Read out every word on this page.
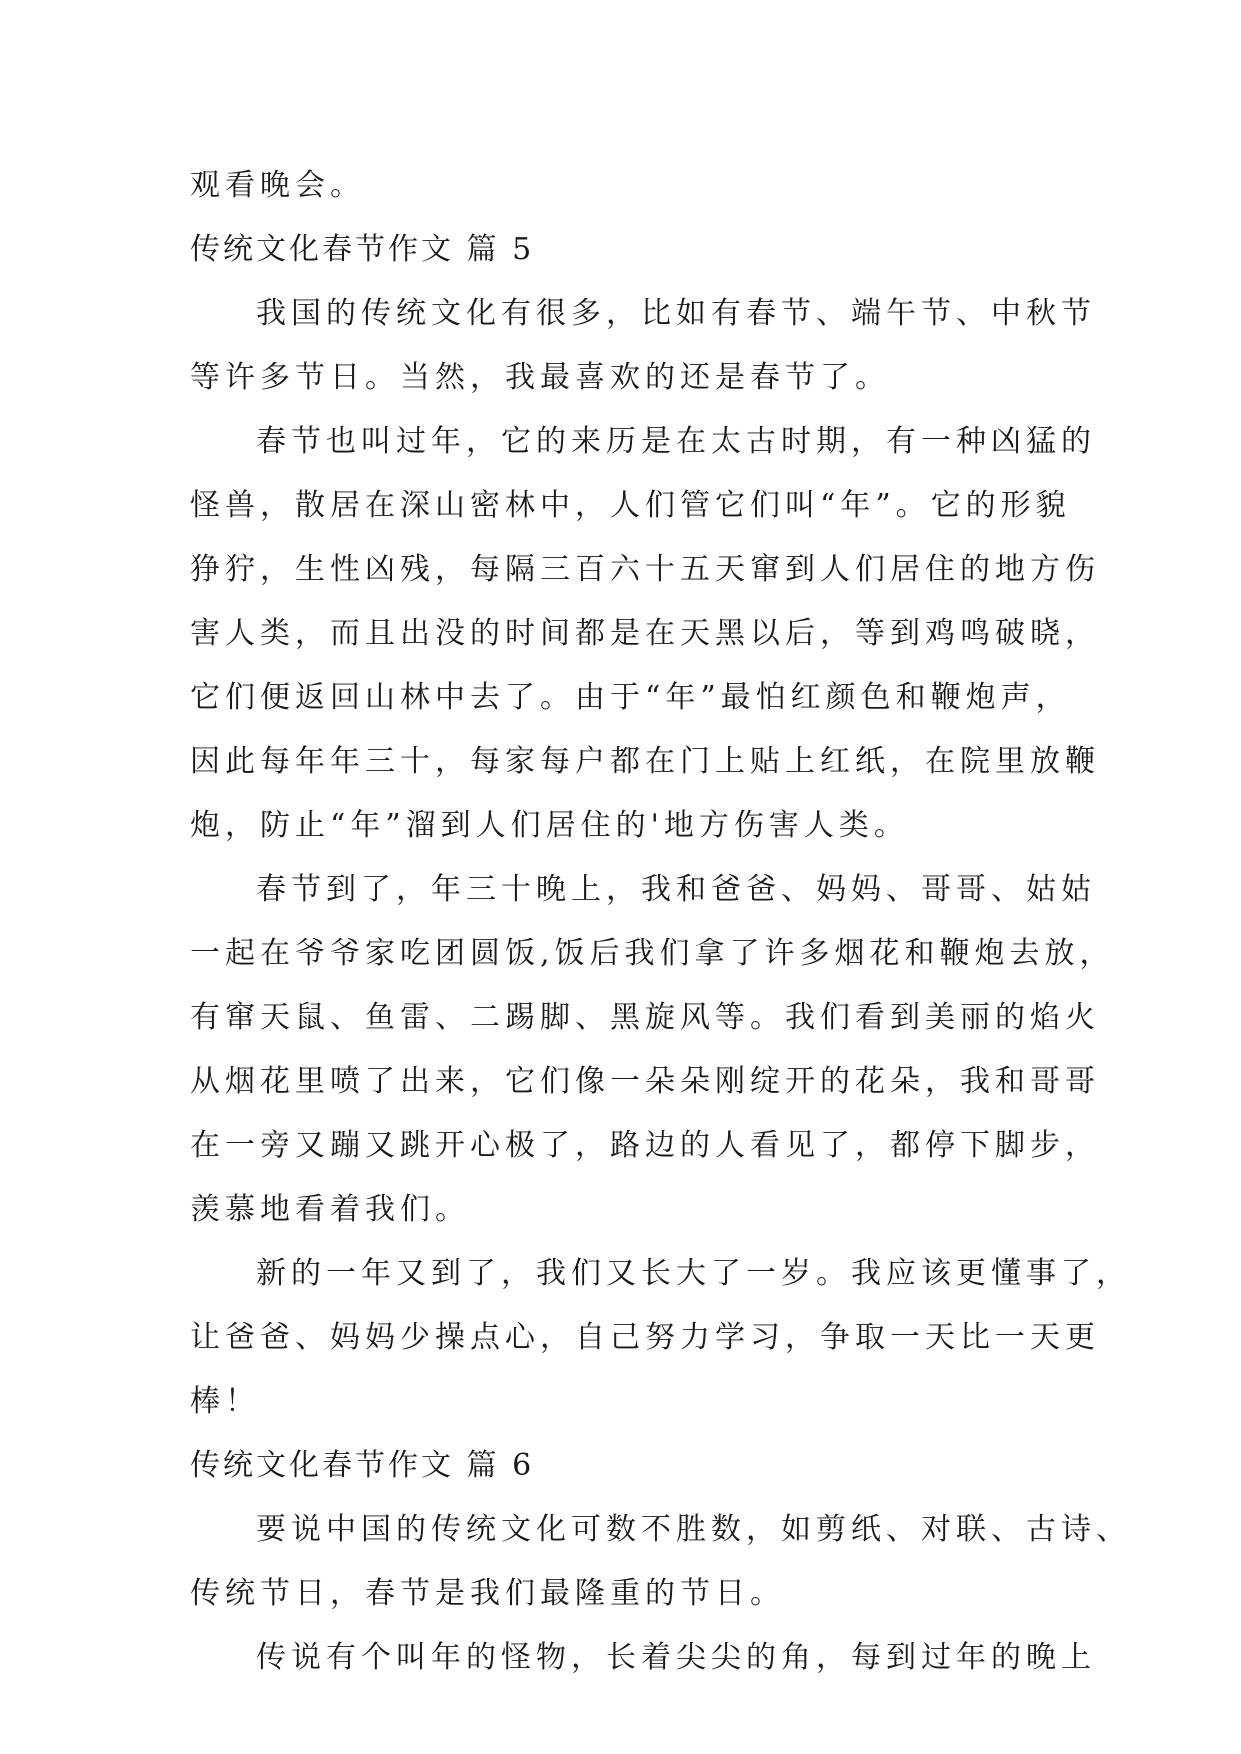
观看晚会。
传统文化春节作文 篇 5
我国的传统文化有很多，比如有春节、端午节、中秋节
等许多节日。当然，我最喜欢的还是春节了。
春节也叫过年，它的来历是在太古时期，有一种凶猛的
怪兽，散居在深山密林中，人们管它们叫“年”。它的形貌
狰狞，生性凶残，每隔三百六十五天窜到人们居住的地方伤
害人类，而且出没的时间都是在天黑以后，等到鸡鸣破晓，
它们便返回山林中去了。由于“年”最怕红颜色和鞭炮声，
因此每年年三十，每家每户都在门上贴上红纸，在院里放鞭
炮，防止“年”溜到人们居住的'地方伤害人类。
春节到了，年三十晚上，我和爸爸、妈妈、哥哥、姑姑
一起在爷爷家吃团圆饭,饭后我们拿了许多烟花和鞭炮去放，
有窜天鼠、鱼雷、二踢脚、黑旋风等。我们看到美丽的焰火
从烟花里喷了出来，它们像一朵朵刚绽开的花朵，我和哥哥
在一旁又蹦又跳开心极了，路边的人看见了，都停下脚步，
羡慕地看着我们。
新的一年又到了，我们又长大了一岁。我应该更懂事了，
让爸爸、妈妈少操点心，自己努力学习，争取一天比一天更
棒！
传统文化春节作文 篇 6
要说中国的传统文化可数不胜数，如剪纸、对联、古诗、
传统节日，春节是我们最隆重的节日。
传说有个叫年的怪物，长着尖尖的角，每到过年的晚上
